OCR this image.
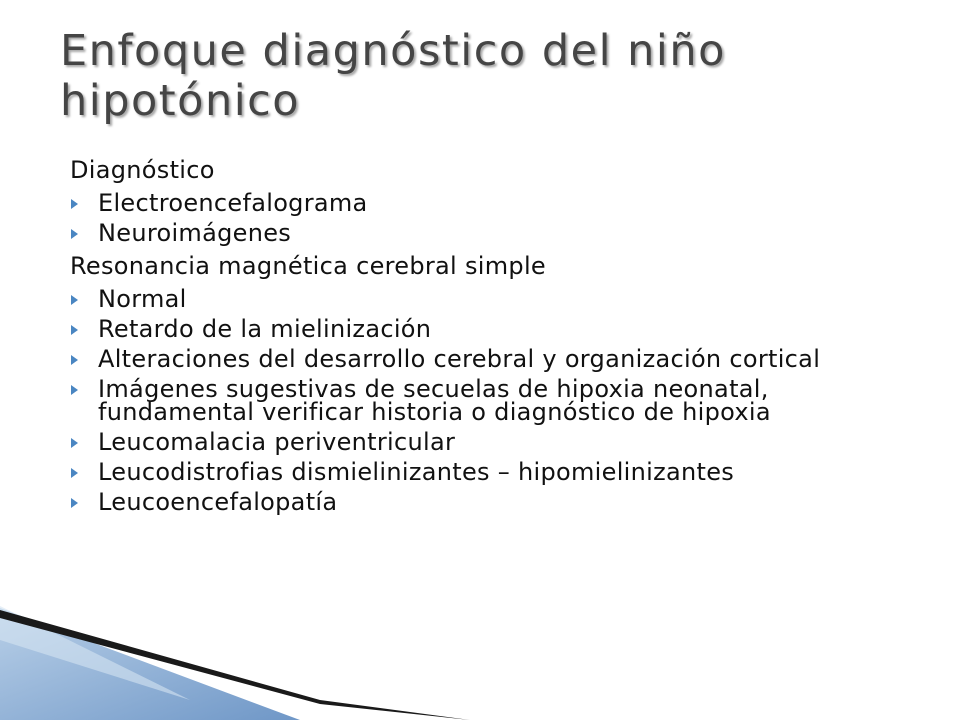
Enfoque diagnóstico del niño hipotónico
Diagnóstico
Electroencefalograma
Neuroimágenes
Resonancia magnética cerebral simple
Normal
Retardo de la mielinización
Alteraciones del desarrollo cerebral y organización cortical
Imágenes sugestivas de secuelas de hipoxia neonatal, fundamental verificar historia o diagnóstico de hipoxia
Leucomalacia periventricular
Leucodistrofias dismielinizantes – hipomielinizantes
Leucoencefalopatía
